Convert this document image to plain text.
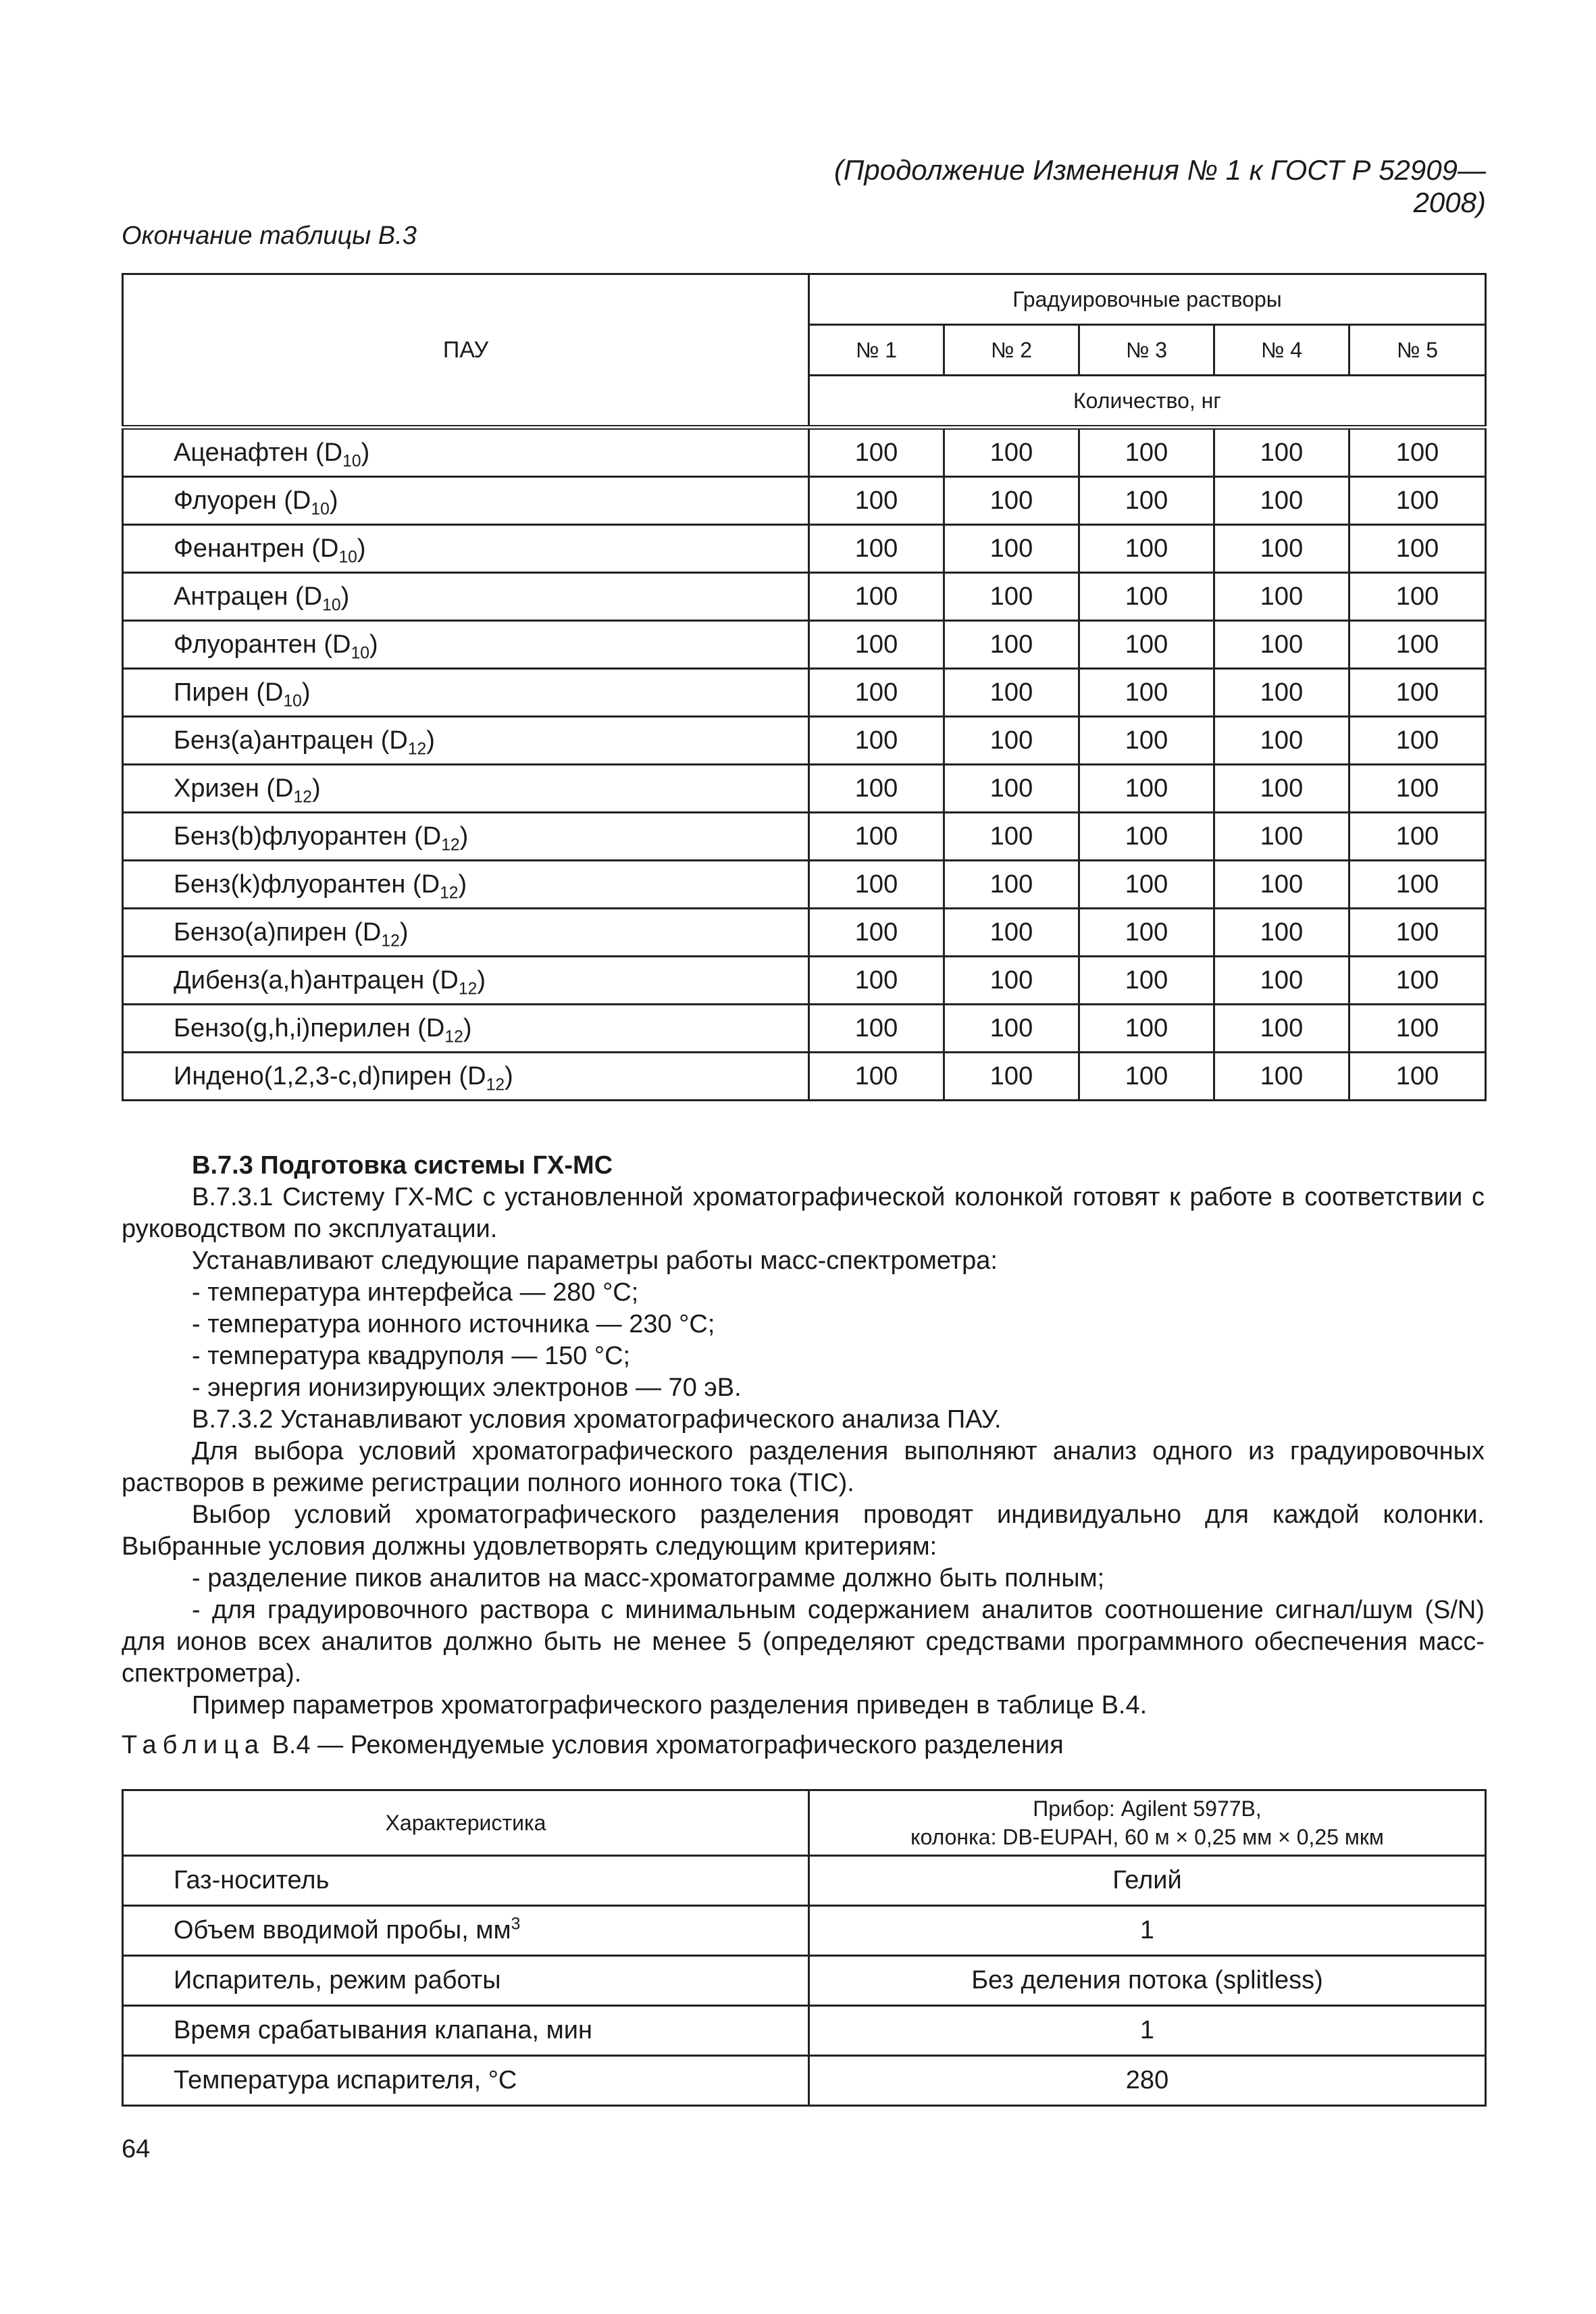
(Продолжение Изменения № 1 к ГОСТ Р 52909—2008)
Окончание таблицы В.3
ПАУ	Градуировочные растворы				
	№ 1	№ 2	№ 3	№ 4	№ 5
	Количество, нг				
Аценафтен $(D_{10})$	100	100	100	100	100
Флуорен $(D_{10})$	100	100	100	100	100
Фенантрен $(D_{10})$	100	100	100	100	100
Антрацен $(D_{10})$	100	100	100	100	100
Флуорантен $(D_{10})$	100	100	100	100	100
Пирен $(D_{10})$	100	100	100	100	100
Бенз(а)антрацен $(D_{12})$	100	100	100	100	100
Хризен $(D_{12})$	100	100	100	100	100
Бенз(b)флуорантен $(D_{12})$	100	100	100	100	100
Бенз(k)флуорантен $(D_{12})$	100	100	100	100	100
Бензо(а)пирен $(D_{12})$	100	100	100	100	100
Дибенз(а,h)антрацен $(D_{12})$	100	100	100	100	100
Бензо(g,h,i)перилен $(D_{12})$	100	100	100	100	100
Индено(1,2,3-c,d)пирен $(D_{12})$	100	100	100	100	100

В.7.3 Подготовка системы ГХ-МС

В.7.3.1 Систему ГХ-МС с установленной хроматографической колонкой готовят к работе в соответствии с руководством по эксплуатации.

Устанавливают следующие параметры работы масс-спектрометра:

- температура интерфейса — 280 °С;

- температура ионного источника — 230 °С;

- температура квадруполя — 150 °С;

- энергия ионизирующих электронов — 70 эВ.

В.7.3.2 Устанавливают условия хроматографического анализа ПАУ.

Для выбора условий хроматографического разделения выполняют анализ одного из градуировочных растворов в режиме регистрации полного ионного тока (TIC).

Выбор условий хроматографического разделения проводят индивидуально для каждой колонки. Выбранные условия должны удовлетворять следующим критериям:

- разделение пиков аналитов на масс-хроматограмме должно быть полным;

- для градуировочного раствора с минимальным содержанием аналитов соотношение сигнал/шум (S/N) для ионов всех аналитов должно быть не менее 5 (определяют средствами программного обеспечения масс-спектрометра).

Пример параметров хроматографического разделения приведен в таблице В.4.

Таблица В.4 — Рекомендуемые условия хроматографического разделения
Характеристика	Прибор: Agilent 5977B,
колонка: DB-EUPAH, 60 м × 0,25 мм × 0,25 мкм

Газ-носитель	Гелий
Объем вводимой пробы, $мм^3$	1
Испаритель, режим работы	Без деления потока (splitless)
Время срабатывания клапана, мин	1
Температура испарителя, °С	280
64
